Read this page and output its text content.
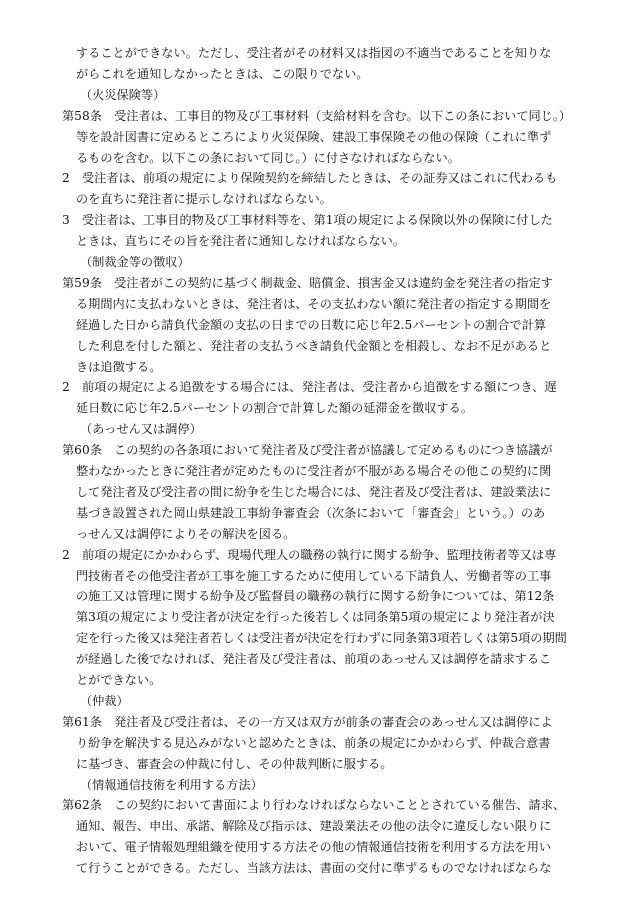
することができない。ただし、受注者がその材料又は指図の不適当であることを知りな
がらこれを通知しなかったときは、この限りでない。
（火災保険等）
第58条　受注者は、工事目的物及び工事材料（支給材料を含む。以下この条において同じ。）
等を設計図書に定めるところにより火災保険、建設工事保険その他の保険（これに準ず
るものを含む。以下この条において同じ。）に付さなければならない。
2　受注者は、前項の規定により保険契約を締結したときは、その証券又はこれに代わるも
のを直ちに発注者に提示しなければならない。
3　受注者は、工事目的物及び工事材料等を、第1項の規定による保険以外の保険に付した
ときは、直ちにその旨を発注者に通知しなければならない。
（制裁金等の徴収）
第59条　受注者がこの契約に基づく制裁金、賠償金、損害金又は違約金を発注者の指定す
る期間内に支払わないときは、発注者は、その支払わない額に発注者の指定する期間を
経過した日から請負代金額の支払の日までの日数に応じ年2.5パーセントの割合で計算
した利息を付した額と、発注者の支払うべき請負代金額とを相殺し、なお不足があると
きは追徴する。
2　前項の規定による追徴をする場合には、発注者は、受注者から追徴をする額につき、遅
延日数に応じ年2.5パーセントの割合で計算した額の延滞金を徴収する。
（あっせん又は調停）
第60条　この契約の各条項において発注者及び受注者が協議して定めるものにつき協議が
整わなかったときに発注者が定めたものに受注者が不服がある場合その他この契約に関
して発注者及び受注者の間に紛争を生じた場合には、発注者及び受注者は、建設業法に
基づき設置された岡山県建設工事紛争審査会（次条において「審査会」という。）のあ
っせん又は調停によりその解決を図る。
2　前項の規定にかかわらず、現場代理人の職務の執行に関する紛争、監理技術者等又は専
門技術者その他受注者が工事を施工するために使用している下請負人、労働者等の工事
の施工又は管理に関する紛争及び監督員の職務の執行に関する紛争については、第12条
第3項の規定により受注者が決定を行った後若しくは同条第5項の規定により発注者が決
定を行った後又は発注者若しくは受注者が決定を行わずに同条第3項若しくは第5項の期間
が経過した後でなければ、発注者及び受注者は、前項のあっせん又は調停を請求するこ
とができない。
（仲裁）
第61条　発注者及び受注者は、その一方又は双方が前条の審査会のあっせん又は調停によ
り紛争を解決する見込みがないと認めたときは、前条の規定にかかわらず、仲裁合意書
に基づき、審査会の仲裁に付し、その仲裁判断に服する。
（情報通信技術を利用する方法）
第62条　この契約において書面により行わなければならないこととされている催告、請求、
通知、報告、申出、承諾、解除及び指示は、建設業法その他の法令に違反しない限りに
おいて、電子情報処理組織を使用する方法その他の情報通信技術を利用する方法を用い
て行うことができる。ただし、当該方法は、書面の交付に準ずるものでなければならな
